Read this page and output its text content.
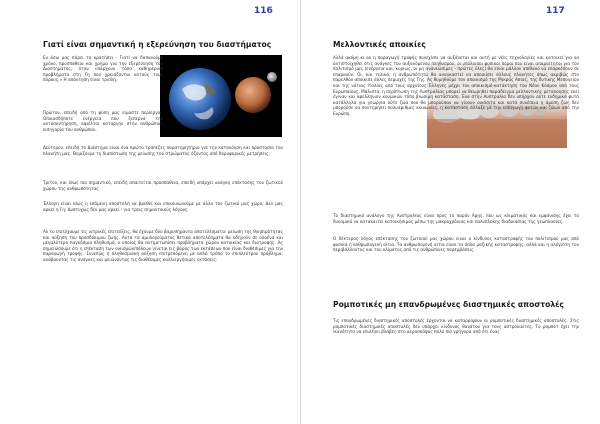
116
Γιατί είναι σημαντική η εξερεύνηση του διαστήματος

Εν όσω μας πάρει το κρατήσει - Γιατί να δαπανούμε χρόνο, προσπάθεια και χρήμα για την εξερεύνηση του Διαστήματος, όταν υπάρχουν τόσα καθημερινά προβλήματα στη Γη που χρειάζονται αυτούς τους πόρους;» Η απάντηση είναι τριπλή.

Πρώτον, επειδή από τη φύση μας είμαστε περίεργοι. Οποιοσδήποτε ενέργεια που ξεπερνά την αυτοσυντήρηση, αφιέλτοι καταργήν στην ανθρώπινη εισηγορία του ανθρώπου.

Δεύτερον, επειδή το Διάστημα είναι ένα πρώτο τράπεζες παρατηρητήριο για την κατανόηση και προστασία του πλανήτη μας. Θυμίζουμε τη διαπίστωση της μείωσης του στρώματος όζοντος από δορυφορικές μετρήσεις.

Τρίτον, και ίσως πιο σημαντικό, επειδή απαιτείται προσπάθεια, επειδή υπάρχει ανάγκη επέκτασης του ζωτικού χώρου της ανθρωπότητας.

Έλλογη είναι ίσως η επόμενη αποστολή να βρεθεί και επικοινωνούμε με άλλο τον ζωτικό μας χώρο; Δεν μας αρκεί η Γη; Δυστυχώς δεν μας αρκεί - για τρεις σημαντικούς λόγους.

Αν το επιτύχουμε τις ιατρικές επιτεύξεις, θα έχουμε δύο βαρυσήμαντα αποτελέσματα: μείωση της θνησιμότητας και αύξηση του προσδόκιμου ζωής. Αυτά τα αμυλογεύματος θετικά αποτελέσματα θα οδηγούν σε ολοένα και μεγαλύτερο παγκόσμιο πληθυσμό, ο οποίος θα αντιμετωπίσει προβλήματα χώρου κατοικίας και διατροφής. Ας σημειώσουμε ότι η επέκταση των οικισμών/πόλεων γίνεται εις βάρος των εκτάσεων που είναι διαθέσιμες για την παραγωγή τροφής. Συνεπώς η πληθυσμιακή αύξηση επιτρεπόμενη με απλό τρόπο το επιπλεύτρου πρόβλημα: ανάβουντας τις ανάγκες και μειώνοντας τις διαθέσιμες καλλιεργήσιμες εκτάσεις.

117
Μελλοντικές αποικίες

Αλλά ακόμη κι αν η παραγωγή τροφής συνεχίσει να αυξάνεται και αυτή με νέες τεχνολογίες και κατοικεί για να αντιστοιχηθεί στις ανάγκες του αυξανόμενου πληθυσμού, οι υπόλοιποι φυσικοί πόροι που είναι απαραίτητοι για τον πολιτισμό μας (ενέργεια και, κυρίως, οι μη ανανεώσιμες - πρώτες ύλες) θα είναι μάλλον απίθανο να επαρκέσουν σε επαρκούν. Οι, και τελικά, η ανθρωπότητα θα αναγκαστεί να αποικίσει άλλους πλανήτες όπως ακριβώς στο παρελθόν αποίκισε άλλες περιοχές της Γης. Ας θυμηθούμε τον αποικισμό της Μικράς Ασίας, της δυτικής Μεσογείου και της νότιας Ιταλίας από τους αρχαίους Έλληνες μέχρι τον αποικισμό-κατάκτηση του Νέου Κόσμου από τους Ευρωπαίους, Μάλιστα, η περίπτωση της Αυστραλίας μπορεί να θεωρηθεί παράδειγμα μελλοντικής μετανοησης εκεί έγιναν και αφελλήνιον κουμικών τόπο βιωσιμη κατάσταση. Ένα στην Αυστραλία δεν υπήρχαν ούτε ενδημικά φυτά κατάλληλα για γεωργία ούτε ζώα που θα μπορούσαν να γίνουν οικόσιτα και κατά συνέπεια η άμεση ζωή δεν μπορούσε να συντηρήσει πολυάριθμες κοινωνίες, η κατάσταση άλλαξε με την εισαγωγή φυτών και ζώων από την Ευρώπη.

Το διαστημικό ανάλογο της Αυστραλίας είναι προς το παρόν Άρης, που ως κλιματικός και εμφάνισης έχει το δυναμικό να κατακαιτεί κατοικήσιμος μέσω της μακροχρόνιας και πολυπλοκης διαδικασίας της γεωπλασίας.

Ο δέκτερος λόγος επέκτασης του ζωτικού μας χώρου είναι ο κίνδυνος καταστροφής του πολιτισμού μας από φυσικά ή ανθρωπογενή αίτια. Τα ανθρωπογενή αίτια είναι τα όπλα μαζικής καταστροφής, αλλά και η αλόγιστη του περιβάλλοντος και του κλίματος από τις ανθρώπινες παρεμβάσεις.

Ρομποτικές μη επανδρωμένες διαστημικές αποστολές

Τις επανδρωμένες διαστημικές αποστολές έρχονται να καταρρίψουν οι ρομποτικές διαστημικές αποστολές. Στις ρομποτικές διαστημικές αποστολές δεν υπάρχει κίνδυνος θανάτου για τους αστροναύτες. Το ρομπότ έχει την ικανότητα να επιλέγει βλάβες στο αεροσκάφος πολύ πιο γρήγορα από ότι ένας
